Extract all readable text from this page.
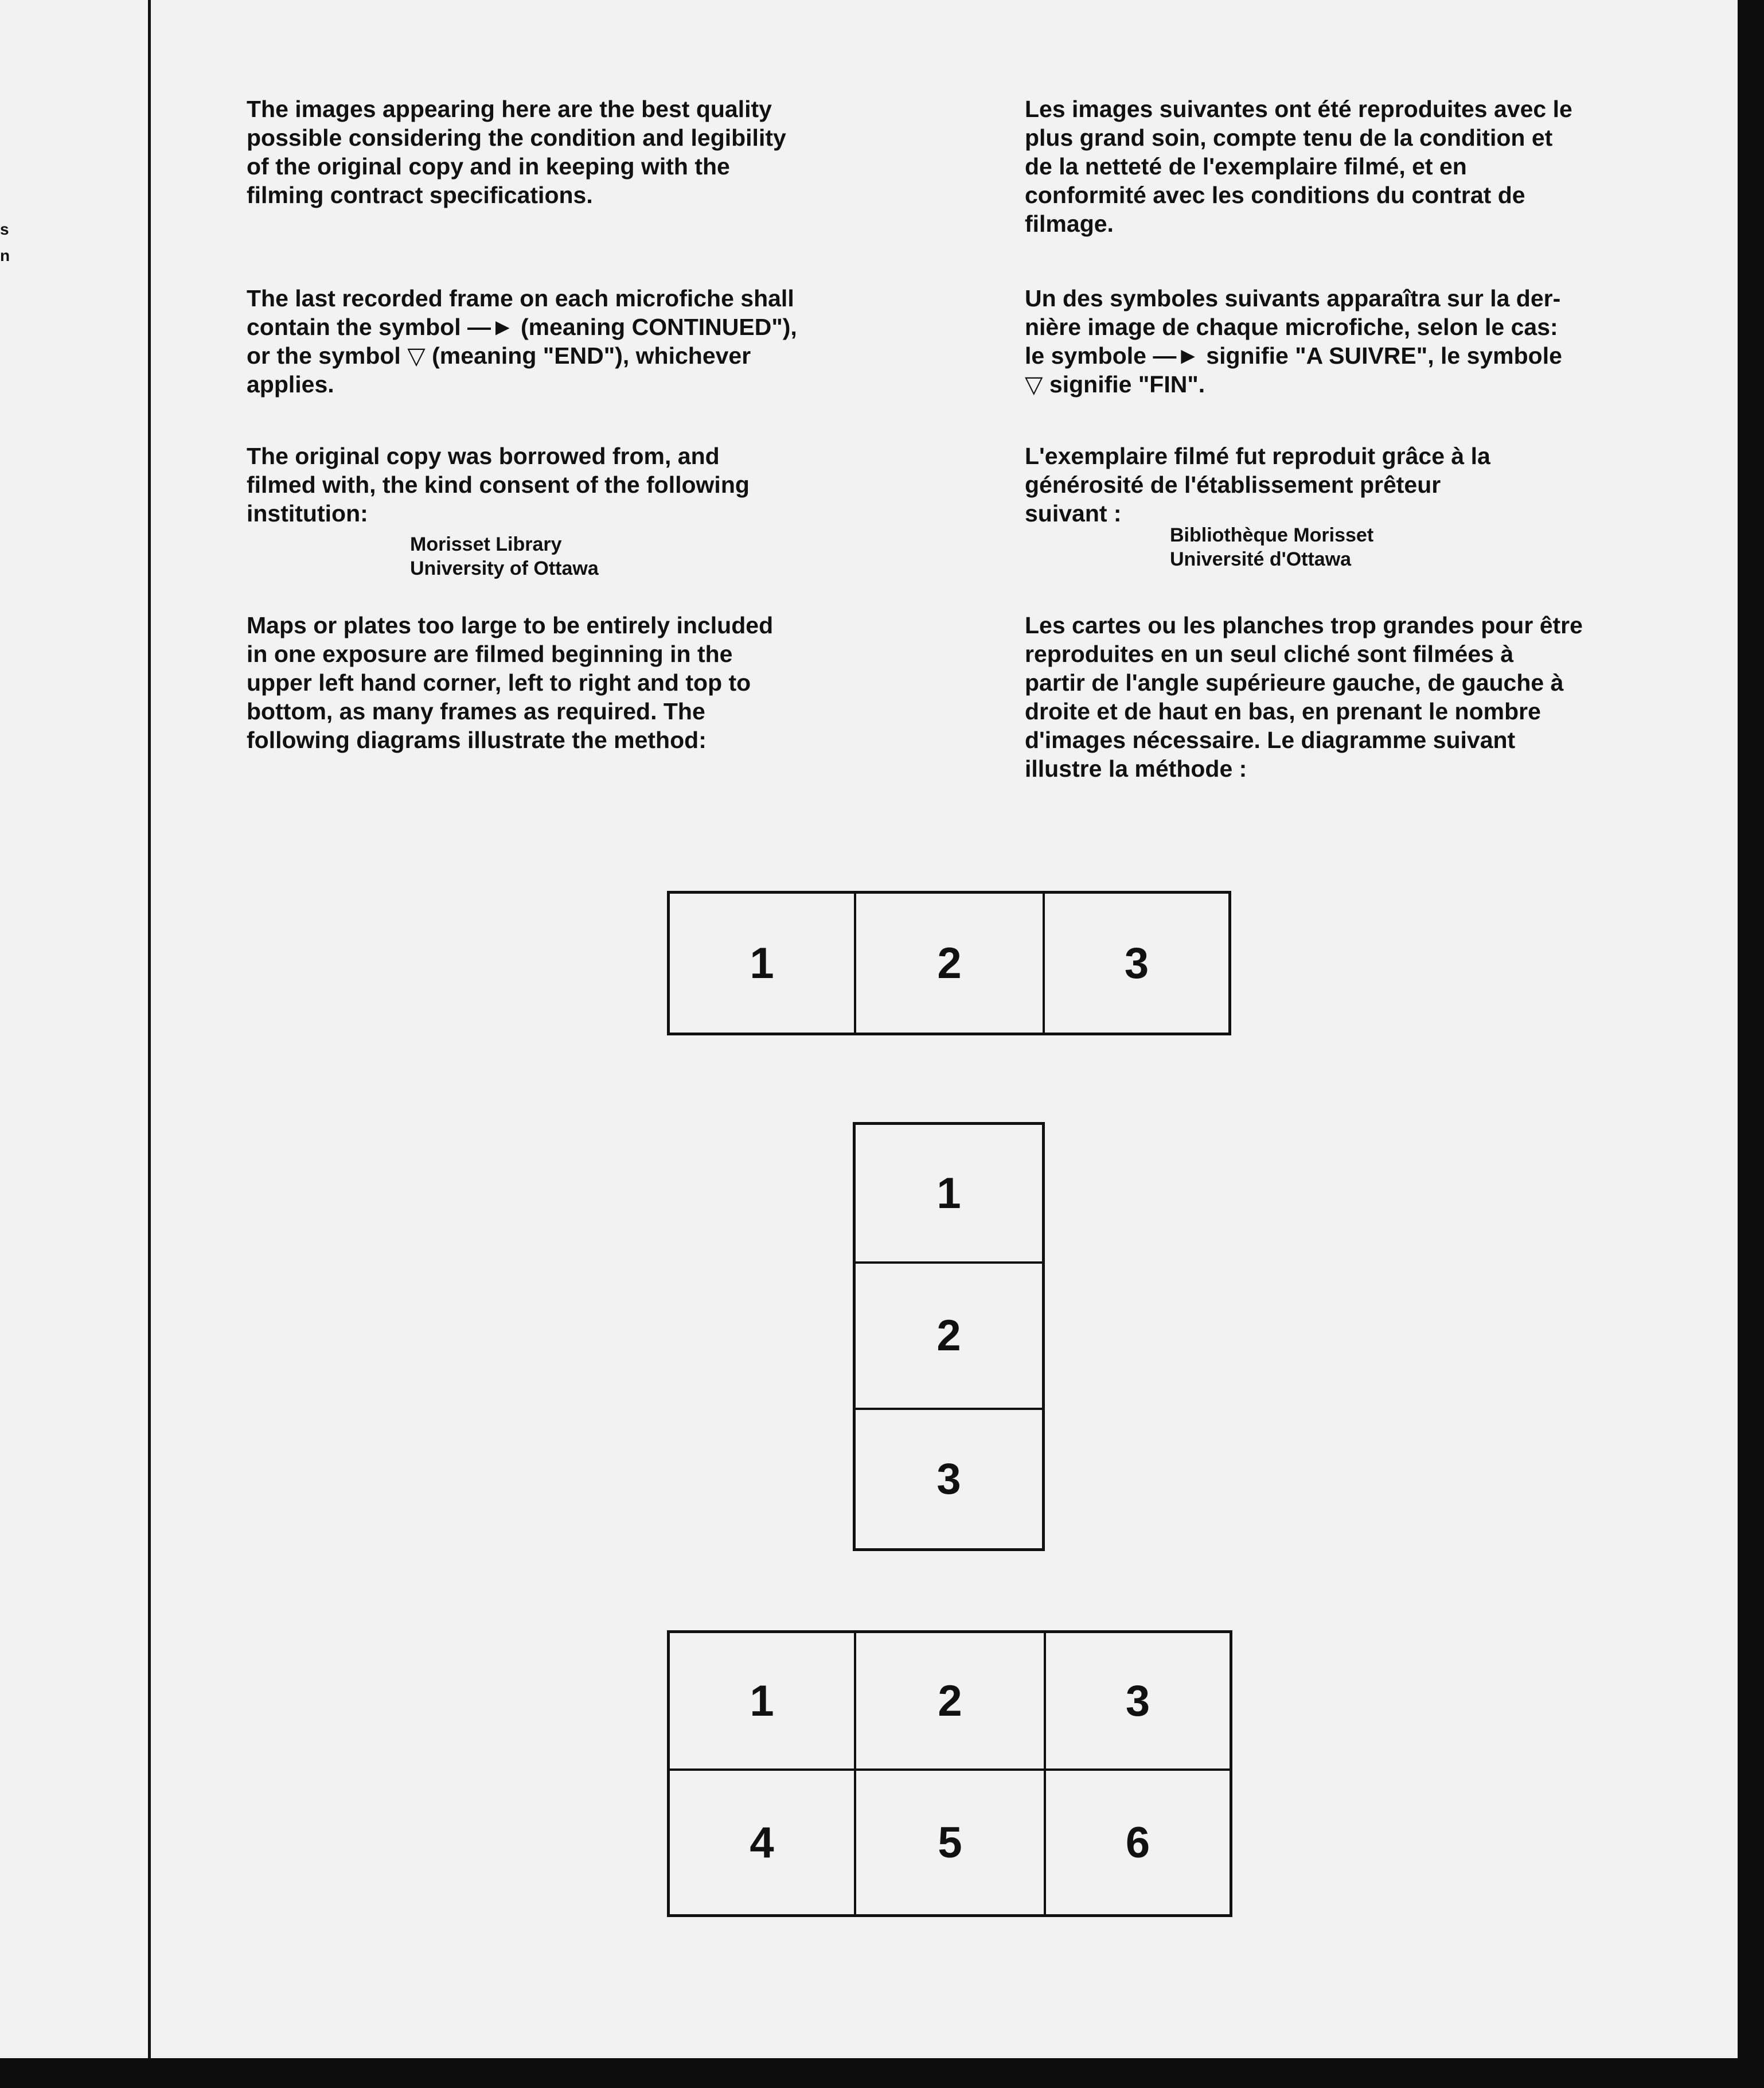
s
n

The images appearing here are the best quality

possible considering the condition and legibility

of the original copy and in keeping with the

filming contract specifications.

The last recorded frame on each microfiche shall

contain the symbol —► (meaning CONTINUED"),

or the symbol ▽ (meaning "END"), whichever

applies.

The original copy was borrowed from, and

filmed with, the kind consent of the following

institution:

Morisset Library
University of Ottawa

Maps or plates too large to be entirely included

in one exposure are filmed beginning in the

upper left hand corner, left to right and top to

bottom, as many frames as required. The

following diagrams illustrate the method:

Les images suivantes ont été reproduites avec le

plus grand soin, compte tenu de la condition et

de la netteté de l'exemplaire filmé, et en

conformité avec les conditions du contrat de

filmage.

Un des symboles suivants apparaîtra sur la der-

nière image de chaque microfiche, selon le cas:

le symbole —► signifie "A SUIVRE", le symbole

▽ signifie "FIN".

L'exemplaire filmé fut reproduit grâce à la

générosité de l'établissement prêteur

suivant :

Bibliothèque Morisset
Université d'Ottawa

Les cartes ou les planches trop grandes pour être

reproduites en un seul cliché sont filmées à

partir de l'angle supérieure gauche, de gauche à

droite et de haut en bas, en prenant le nombre

d'images nécessaire. Le diagramme suivant

illustre la méthode :

1	2	3
1
2
3
1	2	3
4	5	6
